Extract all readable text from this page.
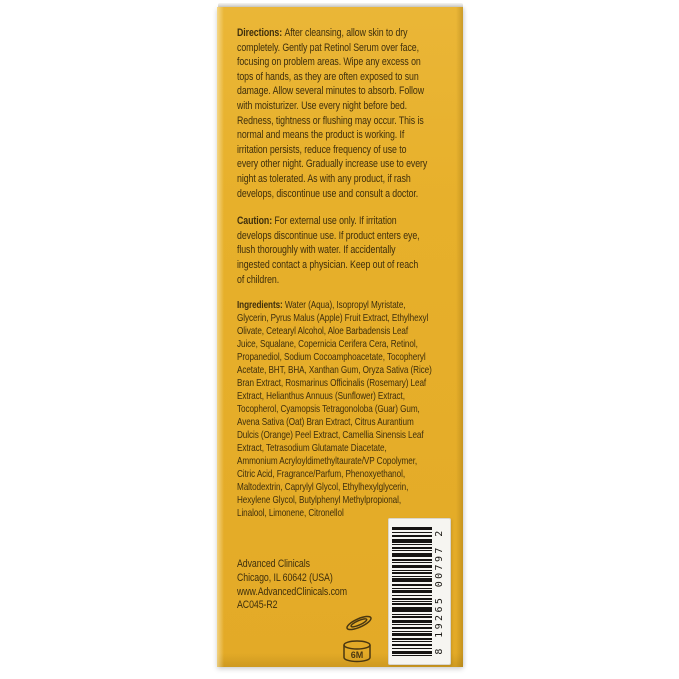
Directions: After cleansing, allow skin to dry
completely. Gently pat Retinol Serum over face,
focusing on problem areas. Wipe any excess on
tops of hands, as they are often exposed to sun
damage. Allow several minutes to absorb. Follow
with moisturizer. Use every night before bed.
Redness, tightness or flushing may occur. This is
normal and means the product is working. If
irritation persists, reduce frequency of use to
every other night. Gradually increase use to every
night as tolerated. As with any product, if rash
develops, discontinue use and consult a doctor.
Caution: For external use only. If irritation
develops discontinue use. If product enters eye,
flush thoroughly with water. If accidentally
ingested contact a physician. Keep out of reach
of children.
Ingredients: Water (Aqua), Isopropyl Myristate,
Glycerin, Pyrus Malus (Apple) Fruit Extract, Ethylhexyl
Olivate, Cetearyl Alcohol, Aloe Barbadensis Leaf
Juice, Squalane, Copernicia Cerifera Cera, Retinol,
Propanediol, Sodium Cocoamphoacetate, Tocopheryl
Acetate, BHT, BHA, Xanthan Gum, Oryza Sativa (Rice)
Bran Extract, Rosmarinus Officinalis (Rosemary) Leaf
Extract, Helianthus Annuus (Sunflower) Extract,
Tocopherol, Cyamopsis Tetragonoloba (Guar) Gum,
Avena Sativa (Oat) Bran Extract, Citrus Aurantium
Dulcis (Orange) Peel Extract, Camellia Sinensis Leaf
Extract, Tetrasodium Glutamate Diacetate,
Ammonium Acryloyldimethyltaurate/VP Copolymer,
Citric Acid, Fragrance/Parfum, Phenoxyethanol,
Maltodextrin, Caprylyl Glycol, Ethylhexylglycerin,
Hexylene Glycol, Butylphenyl Methylpropional,
Linalool, Limonene, Citronellol
Advanced Clinicals
Chicago, IL 60642 (USA)
www.AdvancedClinicals.com
AC045-R2
6M
8 19265 00797 2
